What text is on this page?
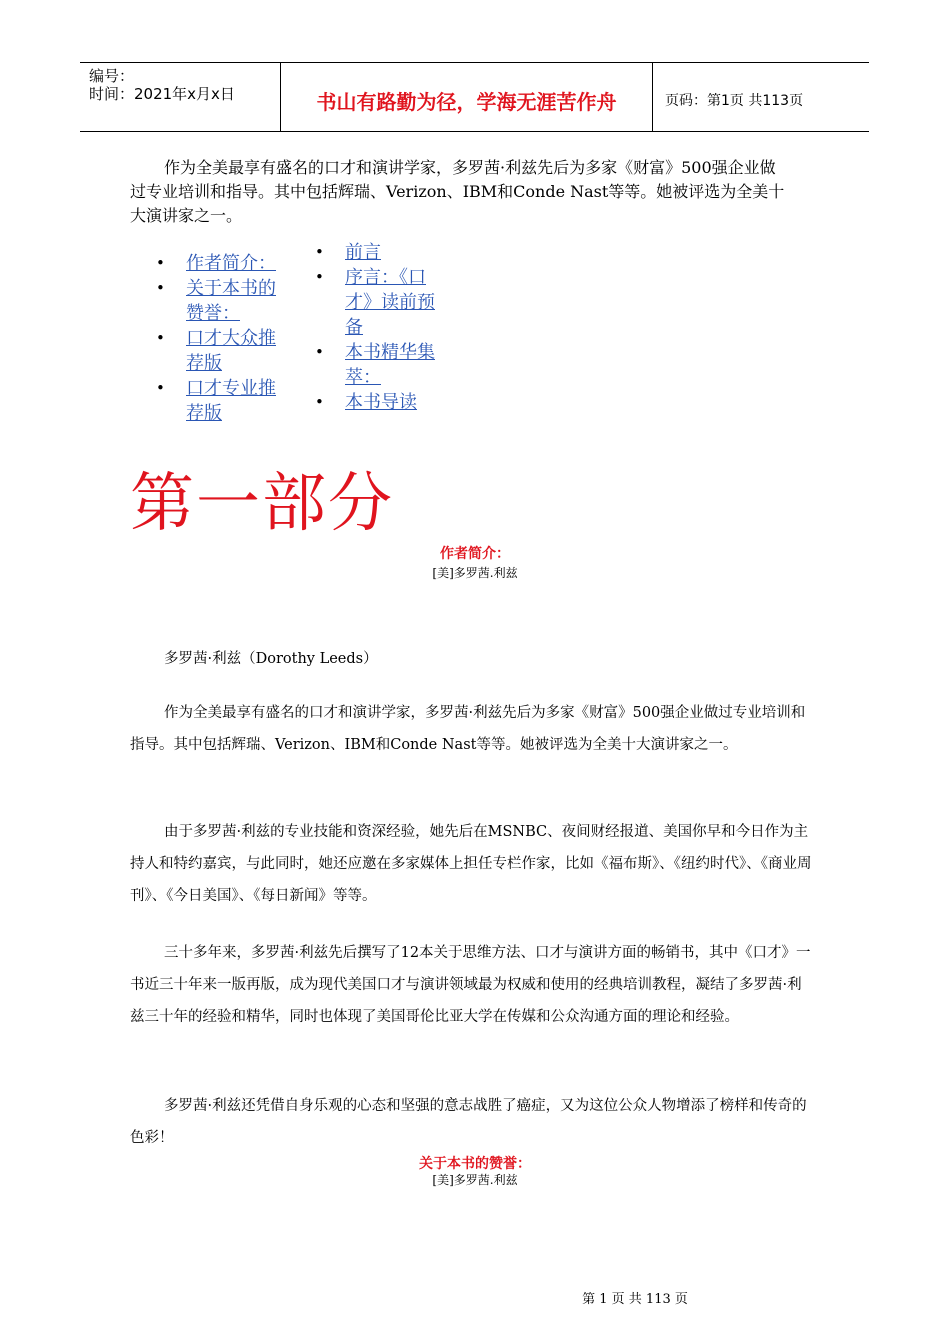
编号：
时间：2021年x月x日	书山有路勤为径，学海无涯苦作舟	页码：第1页 共113页

作为全美最享有盛名的口才和演讲学家，多罗茜·利兹先后为多家《财富》500强企业做过专业培训和指导。其中包括辉瑞、Verizon、IBM和Conde Nast等等。她被评选为全美十大演讲家之一。

• 作者简介：
• 关于本书的赞誉：
• 口才大众推荐版
• 口才专业推荐版
• 前言
• 序言：《口才》读前预备
• 本书精华集萃：
• 本书导读
第一部分
作者简介：
[美]多罗茜.利兹

多罗茜·利兹（Dorothy Leeds）

作为全美最享有盛名的口才和演讲学家，多罗茜·利兹先后为多家《财富》500强企业做过专业培训和指导。其中包括辉瑞、Verizon、IBM和Conde Nast等等。她被评选为全美十大演讲家之一。

由于多罗茜·利兹的专业技能和资深经验，她先后在MSNBC、夜间财经报道、美国你早和今日作为主持人和特约嘉宾，与此同时，她还应邀在多家媒体上担任专栏作家，比如《福布斯》、《纽约时代》、《商业周刊》、《今日美国》、《每日新闻》等等。

三十多年来，多罗茜·利兹先后撰写了12本关于思维方法、口才与演讲方面的畅销书，其中《口才》一书近三十年来一版再版，成为现代美国口才与演讲领域最为权威和使用的经典培训教程，凝结了多罗茜·利兹三十年的经验和精华，同时也体现了美国哥伦比亚大学在传媒和公众沟通方面的理论和经验。

多罗茜·利兹还凭借自身乐观的心态和坚强的意志战胜了癌症，又为这位公众人物增添了榜样和传奇的色彩！

关于本书的赞誉：
[美]多罗茜.利兹
第 1 页 共 113 页
